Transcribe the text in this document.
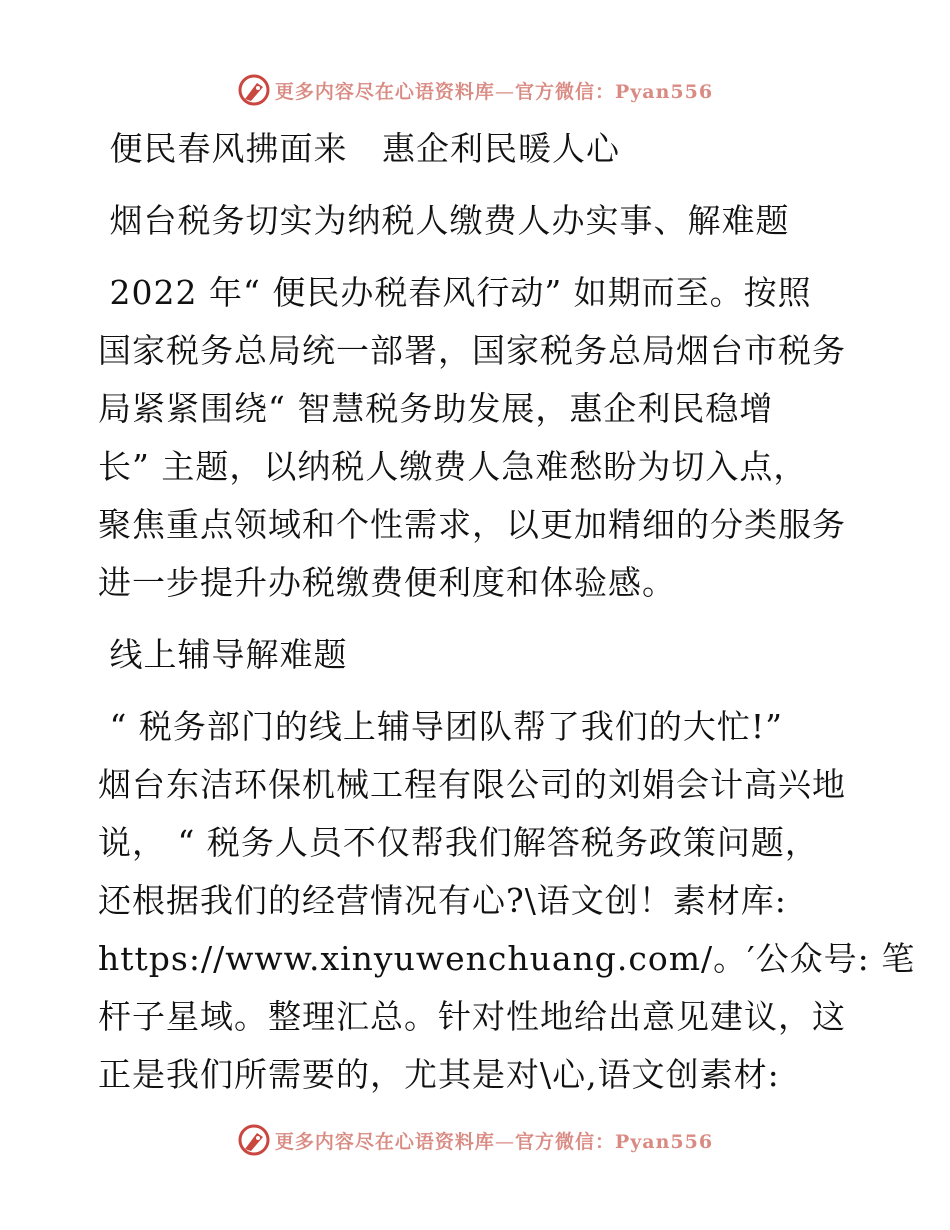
更多内容尽在心语资料库—官方微信：Pyan556
便民春风拂面来   惠企利民暖人心
烟台税务切实为纳税人缴费人办实事、解难题
2022 年“ 便民办税春风行动” 如期而至。按照
国家税务总局统一部署，国家税务总局烟台市税务
局紧紧围绕“ 智慧税务助发展，惠企利民稳增
长” 主题，以纳税人缴费人急难愁盼为切入点，
聚焦重点领域和个性需求，以更加精细的分类服务
进一步提升办税缴费便利度和体验感。
线上辅导解难题
“ 税务部门的线上辅导团队帮了我们的大忙!”
烟台东洁环保机械工程有限公司的刘娟会计高兴地
说， “ 税务人员不仅帮我们解答税务政策问题，
还根据我们的经营情况有心?\语文创！素材库:
https://www.xinyuwenchuang.com/。′公众号: 笔
杆子星域。整理汇总。针对性地给出意见建议，这
正是我们所需要的，尤其是对\心,语文创素材:
更多内容尽在心语资料库—官方微信：Pyan556
